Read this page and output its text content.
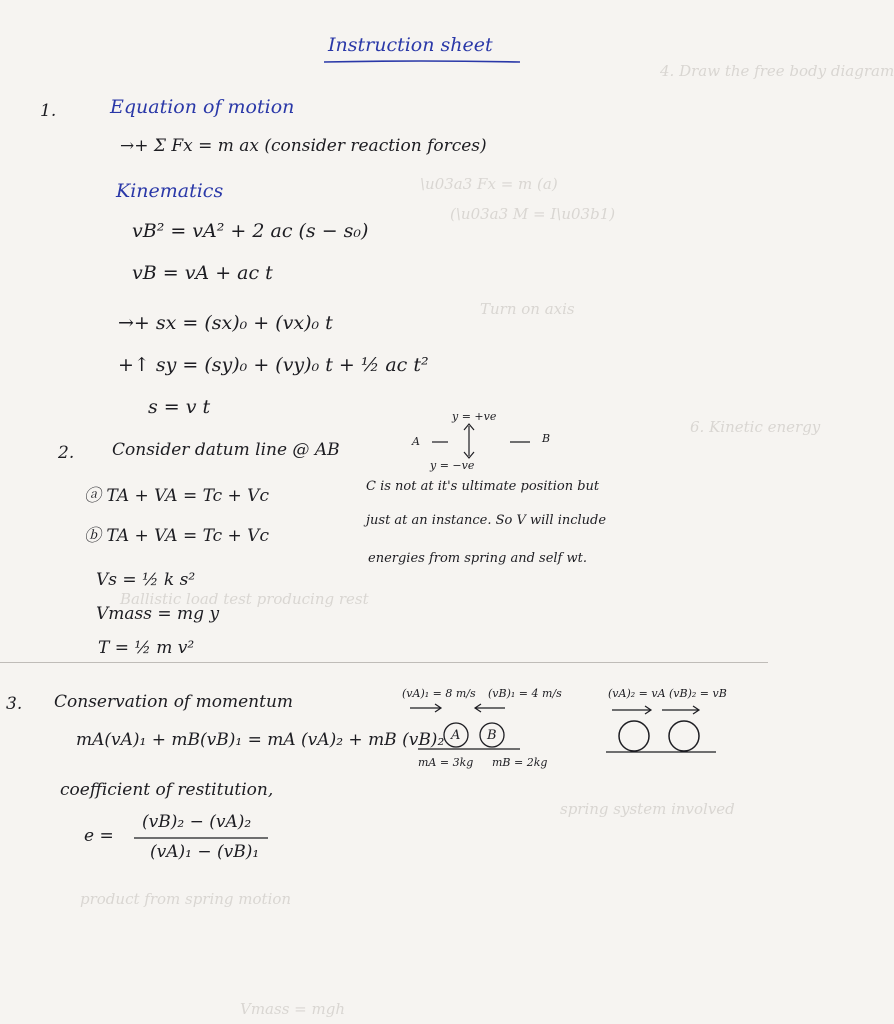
4. Draw the free body diagram
\u03a3 Fx = m (a)
(\u03a3 M = I\u03b1)
Turn on axis
6. Kinetic energy
Ballistic load test producing rest
spring system involved
product from spring motion
Vmass = mgh
Instruction sheet
1.	Equation of motion
→+ Σ Fx = m ax (consider reaction forces)
Kinematics
vB² = vA² + 2 ac (s − s₀)
vB = vA + ac t
→+ sx = (sx)₀ + (vx)₀ t
+↑ sy = (sy)₀ + (vy)₀ t + ½ ac t²
s = v t
2. Consider datum line @ AB
y = +ve
A	B
y = −ve
ⓐ TA + VA = Tc + Vc
ⓑ TA + VA = Tc + Vc
C is not at it's ultimate position but
just at an instance. So V will include
energies from spring and self wt.
Vs = ½ k s²
Vmass = mg y
T = ½ m v²
3. Conservation of momentum
mA(vA)₁ + mB(vB)₁ = mA (vA)₂ + mB (vB)₂
coefficient of restitution,
e =
(vB)₂ − (vA)₂
(vA)₁ − (vB)₁
(vA)₁ = 8 m/s (vB)₁ = 4 m/s
A B
mA = 3kg mB = 2kg
(vA)₂ = vA (vB)₂ = vB
